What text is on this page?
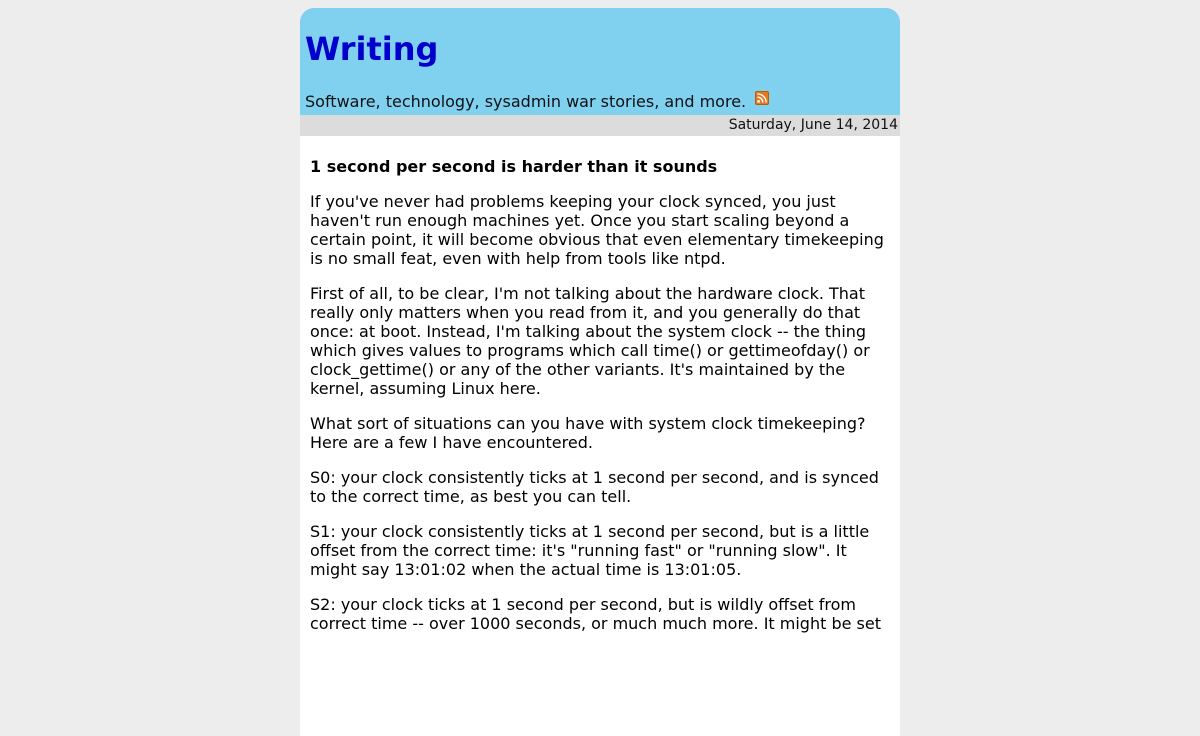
Writing
Software, technology, sysadmin war stories, and more.
Saturday, June 14, 2014
1 second per second is harder than it sounds

If you've never had problems keeping your clock synced, you just haven't run enough machines yet. Once you start scaling beyond a certain point, it will become obvious that even elementary timekeeping is no small feat, even with help from tools like ntpd.

First of all, to be clear, I'm not talking about the hardware clock. That really only matters when you read from it, and you generally do that once: at boot. Instead, I'm talking about the system clock -- the thing which gives values to programs which call time() or gettimeofday() or clock_gettime() or any of the other variants. It's maintained by the kernel, assuming Linux here.

What sort of situations can you have with system clock timekeeping? Here are a few I have encountered.

S0: your clock consistently ticks at 1 second per second, and is synced to the correct time, as best you can tell.

S1: your clock consistently ticks at 1 second per second, but is a little offset from the correct time: it's "running fast" or "running slow". It might say 13:01:02 when the actual time is 13:01:05.

S2: your clock ticks at 1 second per second, but is wildly offset from correct time -- over 1000 seconds, or much much more. It might be set
